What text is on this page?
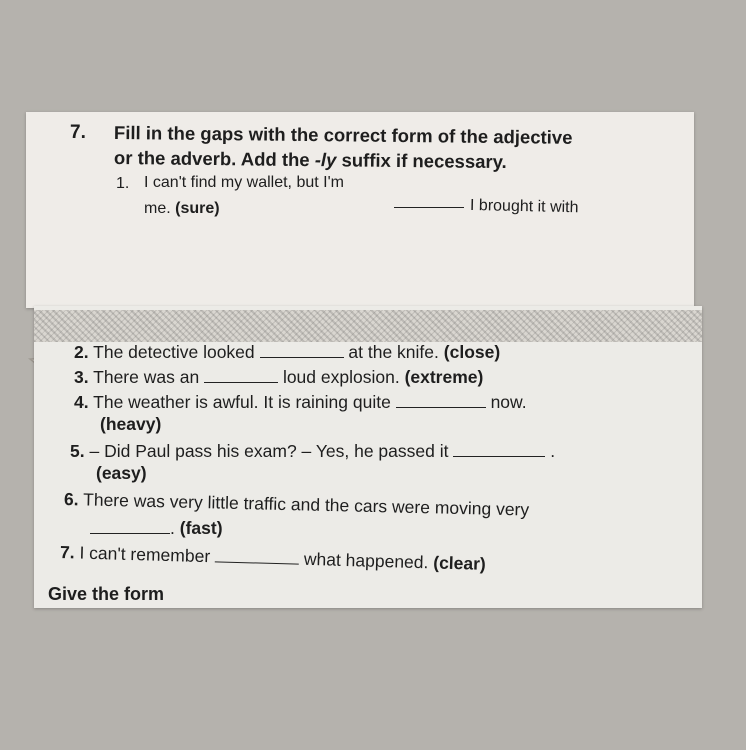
7. Fill in the gaps with the correct form of the adjective
or the adverb. Add the -ly suffix if necessary.
1. I can't find my wallet, but I'm
I brought it with
me. (sure)
2. The detective looked	at the knife. (close)
3. There was an	loud explosion. (extreme)
4. The weather is awful. It is raining quite	now.
(heavy)
5. – Did Paul pass his exam? – Yes, he passed it	.
(easy)
6. There was very little traffic and the cars were moving very
. (fast)
7. I can't remember	what happened. (clear)
Give the form
